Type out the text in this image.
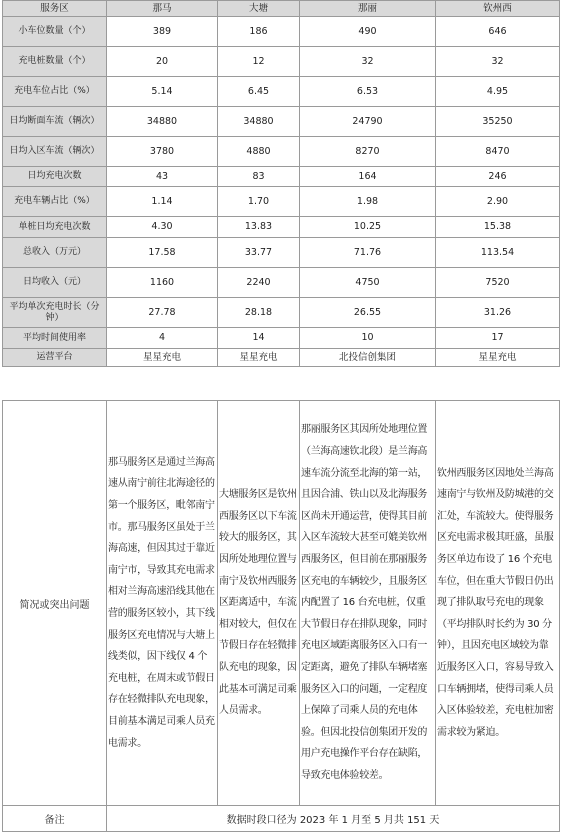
服务区	那马	大塘	那丽	钦州西
小车位数量（个）	389	186	490	646
充电桩数量（个）	20	12	32	32
充电车位占比（%）	5.14	6.45	6.53	4.95
日均断面车流（辆次）	34880	34880	24790	35250
日均入区车流（辆次）	3780	4880	8270	8470
日均充电次数	43	83	164	246
充电车辆占比（%）	1.14	1.70	1.98	2.90
单桩日均充电次数	4.30	13.83	10.25	15.38
总收入（万元）	17.58	33.77	71.76	113.54
日均收入（元）	1160	2240	4750	7520
平均单次充电时长（分钟）	27.78	28.18	26.55	31.26
平均时间使用率	4	14	10	17
运营平台	星星充电	星星充电	北投信创集团	星星充电
简况或突出问题	那马服务区是通过兰海高速从南宁前往北海途径的第一个服务区，毗邻南宁市。那马服务区虽处于兰海高速，但因其过于靠近南宁市，导致其充电需求相对兰海高速沿线其他在营的服务区较小，其下线服务区充电情况与大塘上线类似，因下线仅 4 个充电桩，在周末或节假日存在轻微排队充电现象，目前基本满足司乘人员充电需求。	大塘服务区是钦州西服务区以下车流较大的服务区，其因所处地理位置与南宁及钦州西服务区距离适中，车流相对较大，但仅在节假日存在轻微排队充电的现象，因此基本可满足司乘人员需求。	那丽服务区其因所处地理位置（兰海高速钦北段）是兰海高速车流分流至北海的第一站，且因合浦、铁山以及北海服务区尚未开通运营，使得其目前入区车流较大甚至可媲美钦州西服务区，但目前在那丽服务区充电的车辆较少，且服务区内配置了 16 台充电桩，仅重大节假日存在排队现象，同时充电区域距离服务区入口有一定距离，避免了排队车辆堵塞服务区入口的问题，一定程度上保障了司乘人员的充电体验。但因北投信创集团开发的用户充电操作平台存在缺陷，导致充电体验较差。	钦州西服务区因地处兰海高速南宁与钦州及防城港的交汇处，车流较大。使得服务区充电需求极其旺盛，虽服务区单边布设了 16 个充电车位，但在重大节假日仍出现了排队取号充电的现象（平均排队时长约为 30 分钟），且因充电区域较为靠近服务区入口，容易导致入口车辆拥堵，使得司乘人员入区体验较差，充电桩加密需求较为紧迫。
备注	数据时段口径为 2023 年 1 月至 5 月共 151 天			
